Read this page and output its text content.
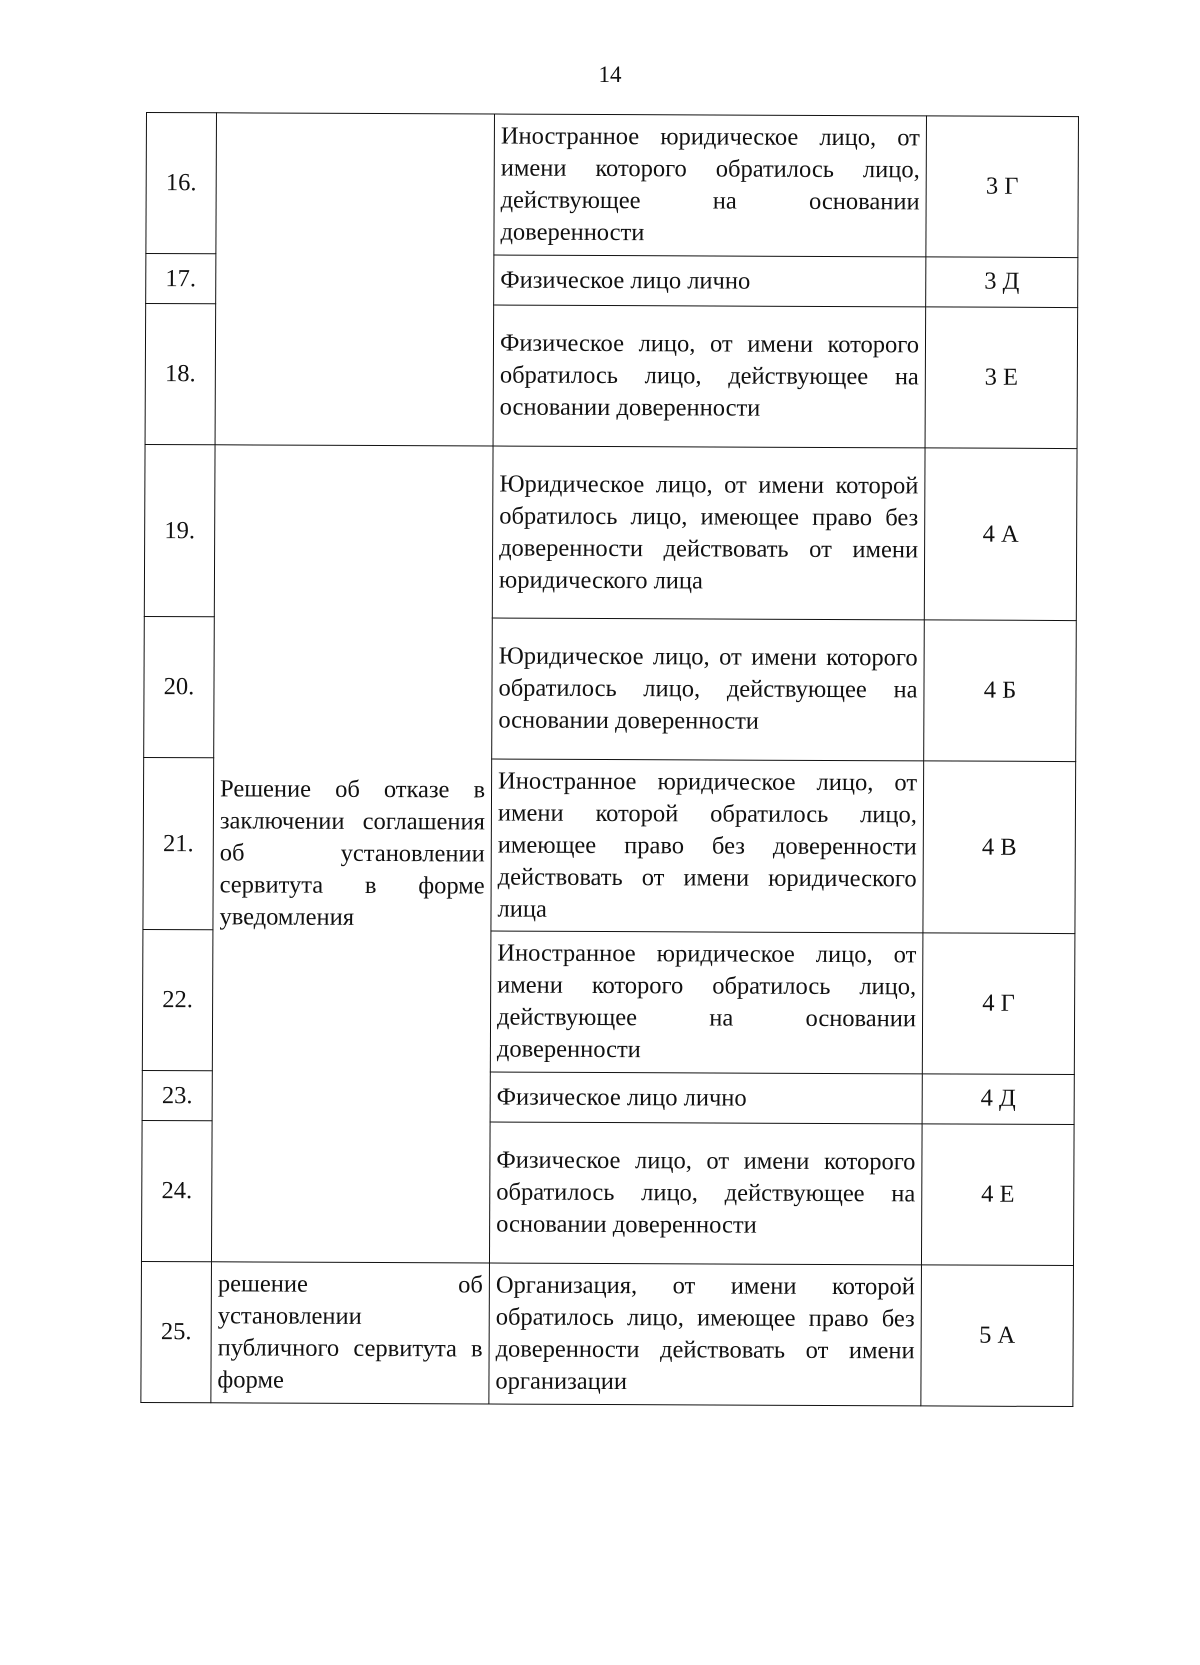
14
16.		Иностранное юридическое лицо, от имени которого обратилось лицо, действующее на основании доверенности	3 Г
17.		Физическое лицо лично	3 Д
18.		Физическое лицо, от имени которого обратилось лицо, действующее на основании доверенности	3 Е
19.	Решение об отказе в заключении соглашения об установлении сервитута в форме уведомления	Юридическое лицо, от имени которой обратилось лицо, имеющее право без доверенности действовать от имени юридического лица	4 А
20.		Юридическое лицо, от имени которого обратилось лицо, действующее на основании доверенности	4 Б
21.		Иностранное юридическое лицо, от имени которой обратилось лицо, имеющее право без доверенности действовать от имени юридического лица	4 В
22.		Иностранное юридическое лицо, от имени которого обратилось лицо, действующее на основании доверенности	4 Г
23.		Физическое лицо лично	4 Д
24.		Физическое лицо, от имени которого обратилось лицо, действующее на основании доверенности	4 Е
25.	решение об установлении публичного сервитута в форме	Организация, от имени которой обратилось лицо, имеющее право без доверенности действовать от имени организации	5 А
